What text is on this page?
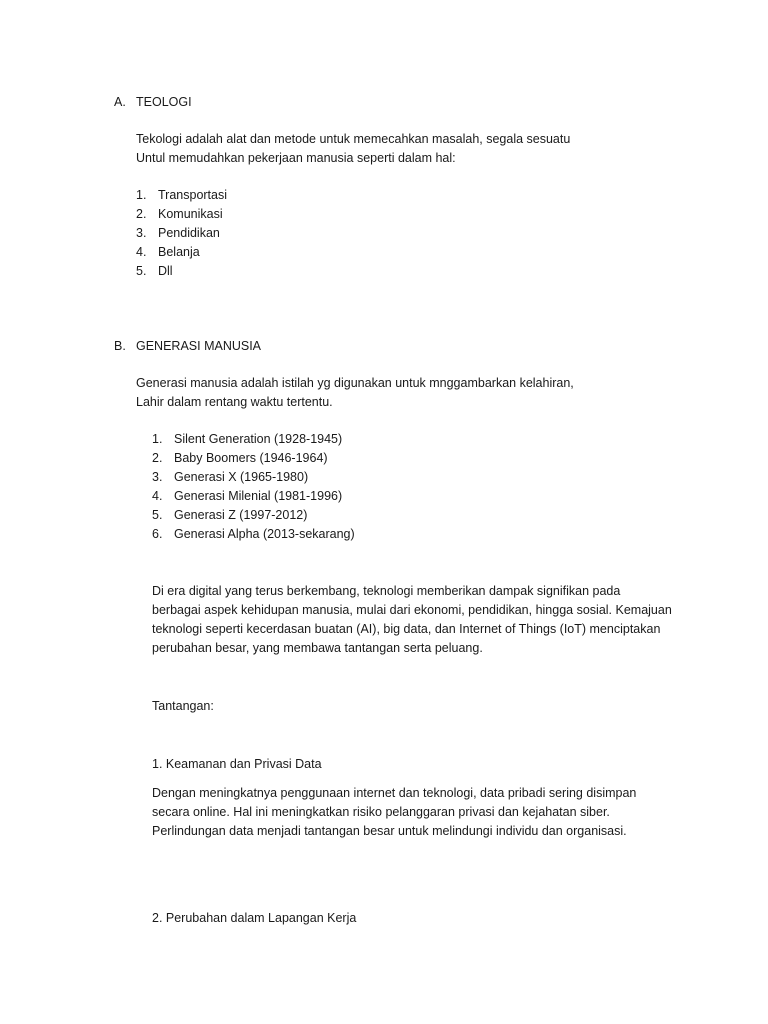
A. TEOLOGI
Tekologi adalah alat dan metode untuk memecahkan masalah, segala sesuatu
Untul memudahkan pekerjaan manusia seperti dalam hal:
1. Transportasi
2. Komunikasi
3. Pendidikan
4. Belanja
5. Dll
B. GENERASI MANUSIA
Generasi manusia adalah istilah yg digunakan untuk mnggambarkan kelahiran,
Lahir dalam rentang waktu tertentu.
1. Silent Generation (1928-1945)
2. Baby Boomers (1946-1964)
3. Generasi X (1965-1980)
4. Generasi Milenial (1981-1996)
5. Generasi Z (1997-2012)
6. Generasi Alpha (2013-sekarang)
Di era digital yang terus berkembang, teknologi memberikan dampak signifikan pada
berbagai aspek kehidupan manusia, mulai dari ekonomi, pendidikan, hingga sosial. Kemajuan
teknologi seperti kecerdasan buatan (AI), big data, dan Internet of Things (IoT) menciptakan
perubahan besar, yang membawa tantangan serta peluang.
Tantangan:
1. Keamanan dan Privasi Data
Dengan meningkatnya penggunaan internet dan teknologi, data pribadi sering disimpan
secara online. Hal ini meningkatkan risiko pelanggaran privasi dan kejahatan siber.
Perlindungan data menjadi tantangan besar untuk melindungi individu dan organisasi.
2. Perubahan dalam Lapangan Kerja
